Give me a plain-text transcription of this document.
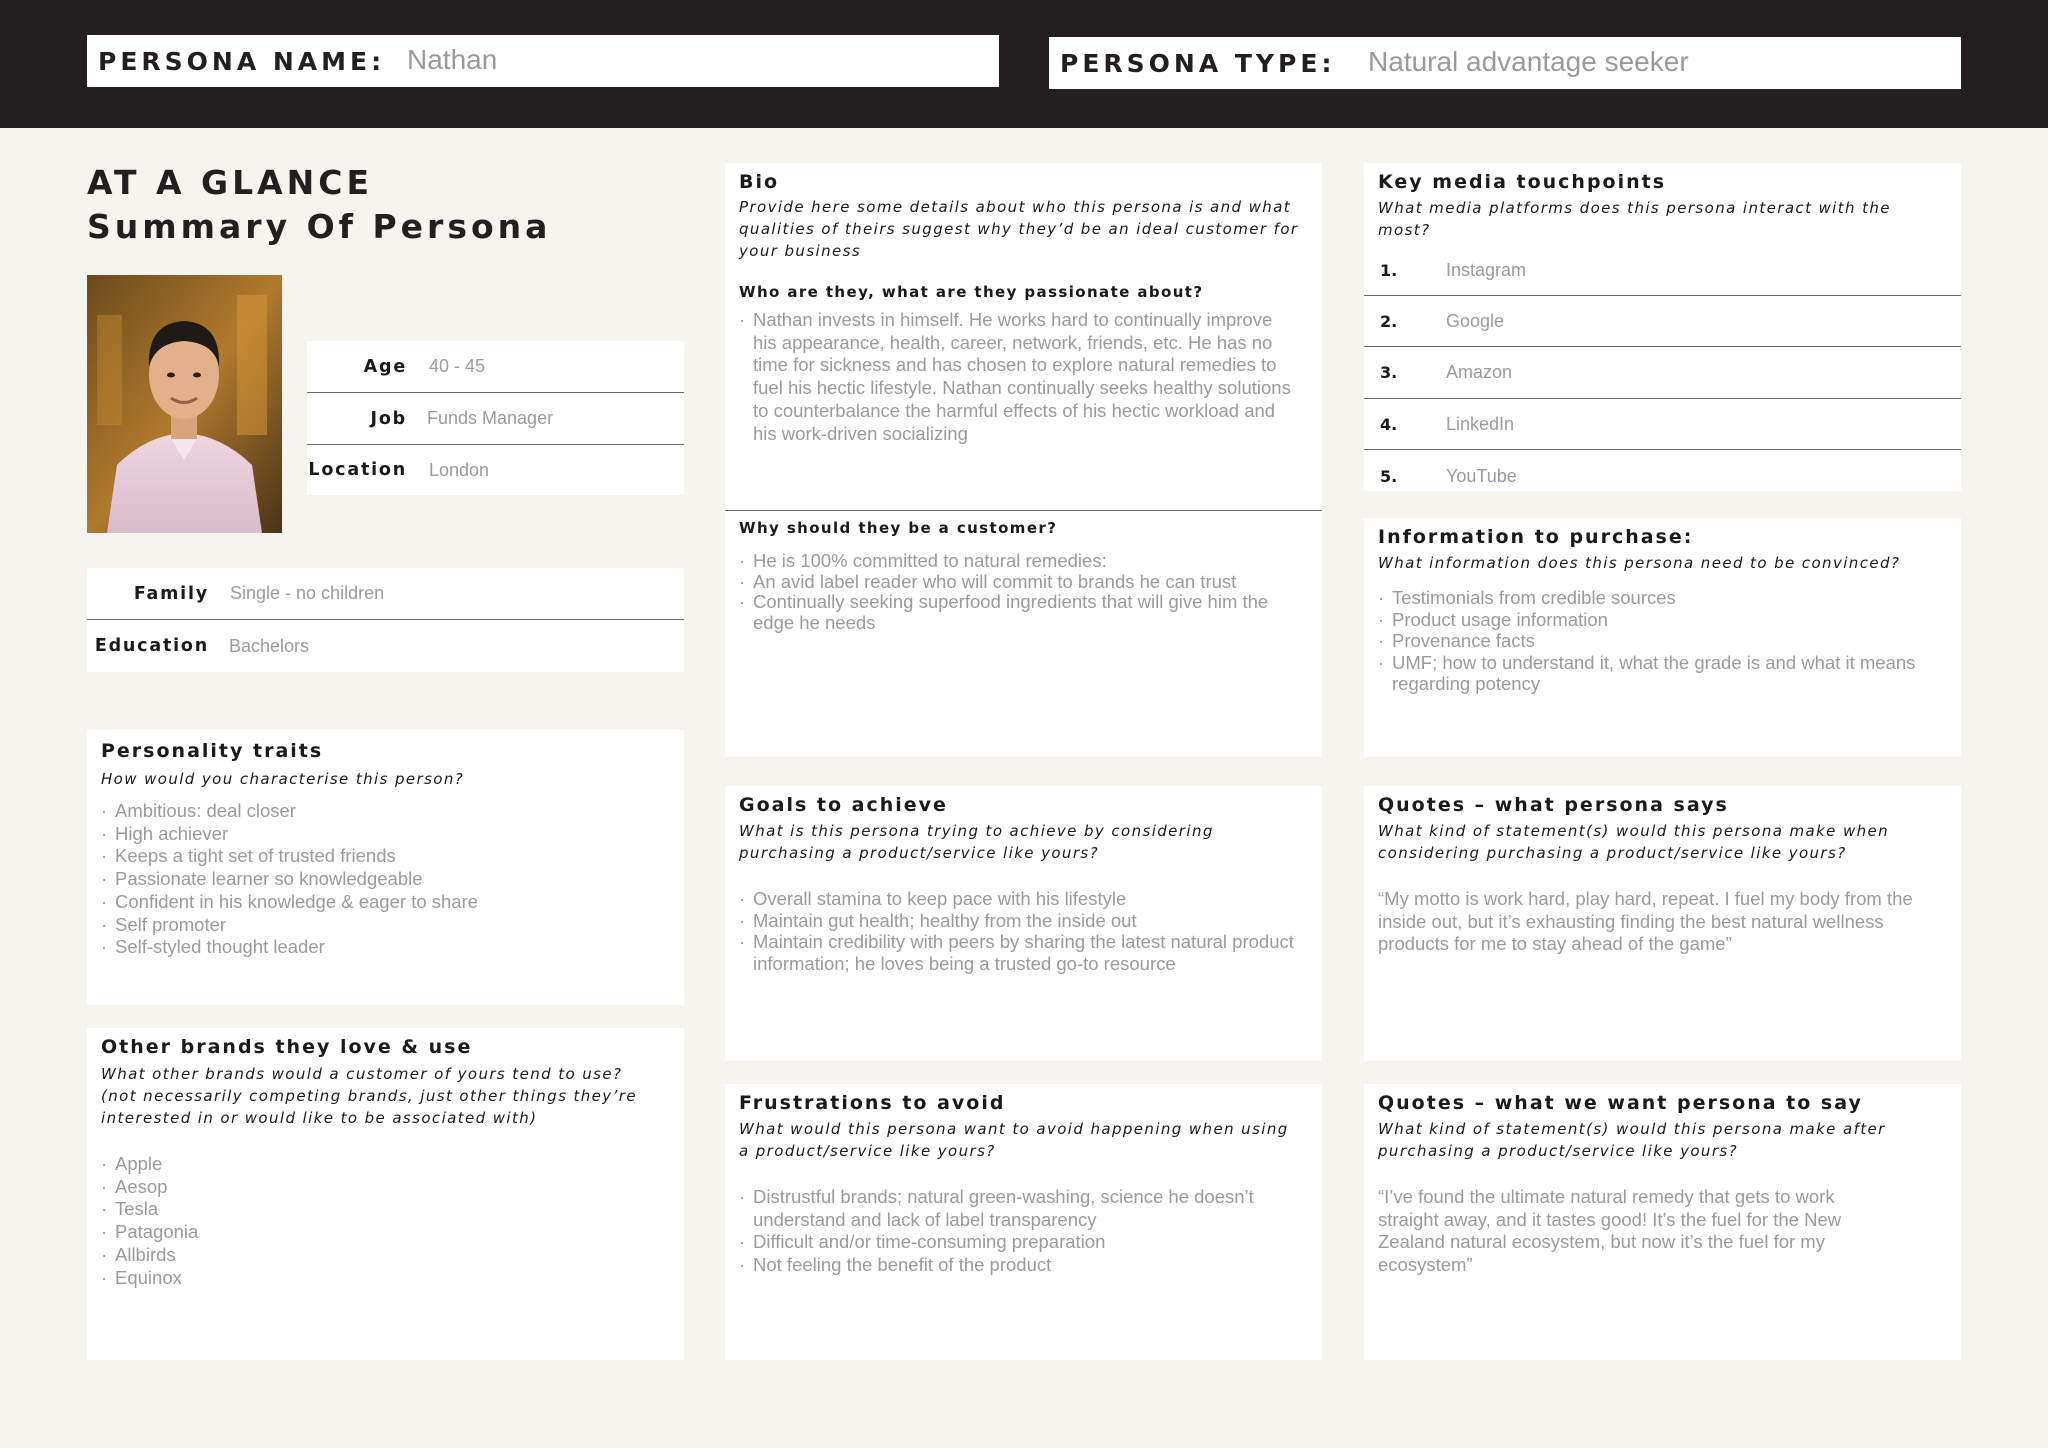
PERSONA NAME: Nathan	PERSONA TYPE: Natural advantage seeker
AT A GLANCE
Summary Of Persona
Age 40 - 45
Job Funds Manager
Location London
Family Single - no children
Education Bachelors
Personality traits
How would you characterise this person?
· Ambitious: deal closer
· High achiever
· Keeps a tight set of trusted friends
· Passionate learner so knowledgeable
· Confident in his knowledge & eager to share
· Self promoter
· Self-styled thought leader
Other brands they love & use
What other brands would a customer of yours tend to use? (not necessarily competing brands, just other things they’re interested in or would like to be associated with)
· Apple
· Aesop
· Tesla
· Patagonia
· Allbirds
· Equinox
Bio
Provide here some details about who this persona is and what qualities of theirs suggest why they’d be an ideal customer for your business
Who are they, what are they passionate about?
· Nathan invests in himself. He works hard to continually improve his appearance, health, career, network, friends, etc. He has no time for sickness and has chosen to explore natural remedies to fuel his hectic lifestyle. Nathan continually seeks healthy solutions to counterbalance the harmful effects of his hectic workload and his work-driven socializing
Why should they be a customer?
· He is 100% committed to natural remedies:
· An avid label reader who will commit to brands he can trust
· Continually seeking superfood ingredients that will give him the edge he needs
Key media touchpoints
What media platforms does this persona interact with the most?
1.	Instagram
2.	Google
3.	Amazon
4.	LinkedIn
5.	YouTube
Information to purchase:
What information does this persona need to be convinced?
· Testimonials from credible sources
· Product usage information
· Provenance facts
· UMF; how to understand it, what the grade is and what it means regarding potency
Goals to achieve
What is this persona trying to achieve by considering purchasing a product/service like yours?
· Overall stamina to keep pace with his lifestyle
· Maintain gut health; healthy from the inside out
· Maintain credibility with peers by sharing the latest natural product information; he loves being a trusted go-to resource
Quotes – what persona says
What kind of statement(s) would this persona make when considering purchasing a product/service like yours?

“My motto is work hard, play hard, repeat. I fuel my body from the inside out, but it’s exhausting finding the best natural wellness products for me to stay ahead of the game”

Frustrations to avoid
What would this persona want to avoid happening when using a product/service like yours?
· Distrustful brands; natural green-washing, science he doesn’t understand and lack of label transparency
· Difficult and/or time-consuming preparation
· Not feeling the benefit of the product
Quotes – what we want persona to say
What kind of statement(s) would this persona make after purchasing a product/service like yours?

“I’ve found the ultimate natural remedy that gets to work straight away, and it tastes good! It’s the fuel for the New Zealand natural ecosystem, but now it’s the fuel for my ecosystem”
